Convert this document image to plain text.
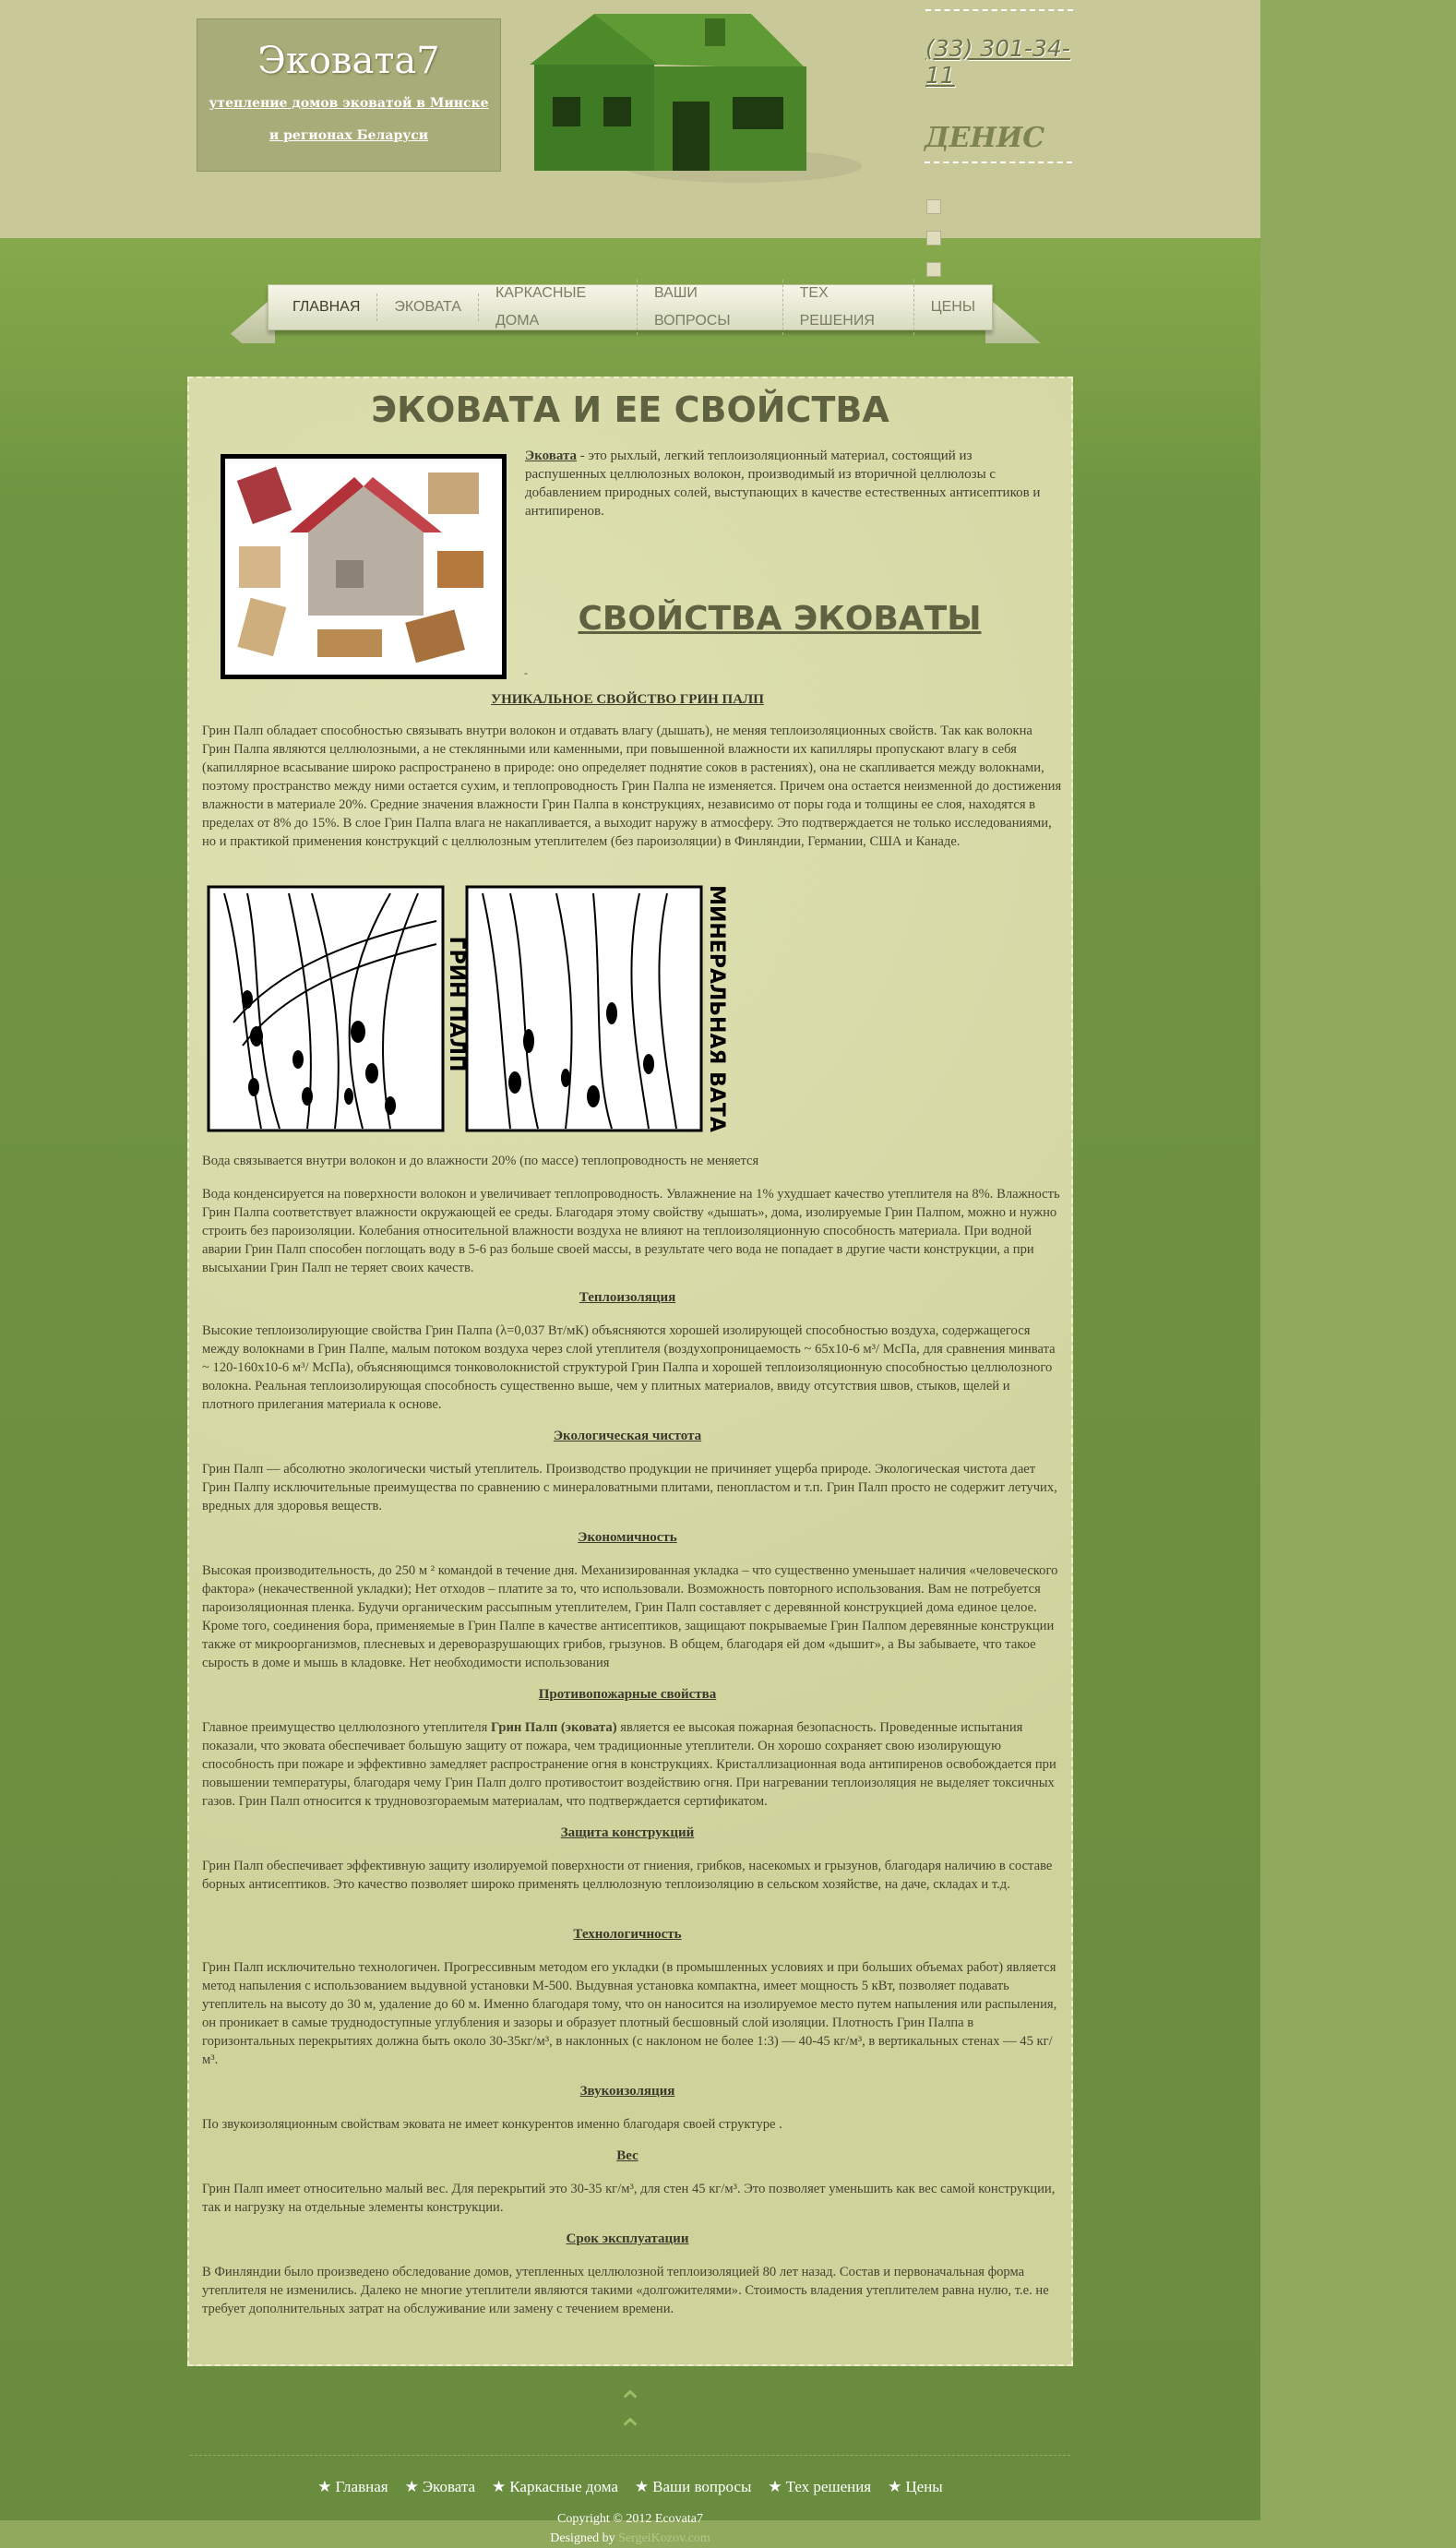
Эковата7
утепление домов эковатой в Минске и регионах Беларуси
(33) 301-34-11
ДЕНИС
ГЛАВНАЯ	ЭКОВАТА
КАРКАСНЫЕ ДОМА
ВАШИ ВОПРОСЫ
ТЕХ РЕШЕНИЯ
ЦЕНЫ
ЭКОВАТА И ЕЕ СВОЙСТВА
Эковата - это рыхлый, легкий теплоизоляционный материал, состоящий из распушенных целлюлозных волокон, производимый из вторичной целлюлозы с добавлением природных солей, выступающих в качестве естественных антисептиков и антипиренов.
СВОЙСТВА ЭКОВАТЫ
-
УНИКАЛЬНОЕ СВОЙСТВО ГРИН ПАЛП

Грин Палп обладает способностью связывать внутри волокон и отдавать влагу (дышать), не меняя теплоизоляционных свойств. Так как волокна Грин Палпа являются целлюлозными, а не стеклянными или каменными, при повышенной влажности их капилляры пропускают влагу в себя (капиллярное всасывание широко распространено в природе: оно определяет поднятие соков в растениях), она не скапливается между волокнами, поэтому пространство между ними остается сухим, и теплопроводность Грин Палпа не изменяется. Причем она остается неизменной до достижения влажности в материале 20%. Средние значения влажности Грин Палпа в конструкциях, независимо от поры года и толщины ее слоя, находятся в пределах от 8% до 15%. В слое Грин Палпа влага не накапливается, а выходит наружу в атмосферу. Это подтверждается не только исследованиями, но и практикой применения конструкций с целлюлозным утеплителем (без пароизоляции) в Финляндии, Германии, США и Канаде.

ГРИН ПАЛП	МИНЕРАЛЬНАЯ ВАТА

Вода связывается внутри волокон и до влажности 20% (по массе) теплопроводность не меняется

Вода конденсируется на поверхности волокон и увеличивает теплопроводность. Увлажнение на 1% ухудшает качество утеплителя на 8%. Влажность Грин Палпа соответствует влажности окружающей ее среды. Благодаря этому свойству «дышать», дома, изолируемые Грин Палпом, можно и нужно строить без пароизоляции. Колебания относительной влажности воздуха не влияют на теплоизоляционную способность материала. При водной аварии Грин Палп способен поглощать воду в 5-6 раз больше своей массы, в результате чего вода не попадает в другие части конструкции, а при высыхании Грин Палп не теряет своих качеств.

Теплоизоляция

Высокие теплоизолирующие свойства Грин Палпа (λ=0,037 Вт/мК) объясняются хорошей изолирующей способностью воздуха, содержащегося между волокнами в Грин Палпе, малым потоком воздуха через слой утеплителя (воздухопроницаемость ~ 65х10-6 м³/ МсПа, для сравнения минвата ~ 120-160х10-6 м³/ МсПа), объясняющимся тонковолокнистой структурой Грин Палпа и хорошей теплоизоляционную способностью целлюлозного волокна. Реальная теплоизолирующая способность существенно выше, чем у плитных материалов, ввиду отсутствия швов, стыков, щелей и плотного прилегания материала к основе.

Экологическая чистота

Грин Палп — абсолютно экологически чистый утеплитель. Производство продукции не причиняет ущерба природе. Экологическая чистота дает Грин Палпу исключительные преимущества по сравнению с минераловатными плитами, пенопластом и т.п. Грин Палп просто не содержит летучих, вредных для здоровья веществ.

Экономичность

Высокая производительность, до 250 м ² командой в течение дня. Механизированная укладка – что существенно уменьшает наличия «человеческого фактора» (некачественной укладки); Нет отходов – платите за то, что использовали. Возможность повторного использования. Вам не потребуется пароизоляционная пленка. Будучи органическим рассыпным утеплителем, Грин Палп составляет с деревянной конструкцией дома единое целое. Кроме того, соединения бора, применяемые в Грин Палпе в качестве антисептиков, защищают покрываемые Грин Палпом деревянные конструкции также от микроорганизмов, плесневых и дереворазрушающих грибов, грызунов. В общем, благодаря ей дом «дышит», а Вы забываете, что такое сырость в доме и мышь в кладовке. Нет необходимости использования

Противопожарные свойства

Главное преимущество целлюлозного утеплителя Грин Палп (эковата) является ее высокая пожарная безопасность. Проведенные испытания показали, что эковата обеспечивает большую защиту от пожара, чем традиционные утеплители. Он хорошо сохраняет свою изолирующую способность при пожаре и эффективно замедляет распространение огня в конструкциях. Кристаллизационная вода антипиренов освобождается при повышении температуры, благодаря чему Грин Палп долго противостоит воздействию огня. При нагревании теплоизоляция не выделяет токсичных газов. Грин Палп относится к трудновозгораемым материалам, что подтверждается сертификатом.

Защита конструкций

Грин Палп обеспечивает эффективную защиту изолируемой поверхности от гниения, грибков, насекомых и грызунов, благодаря наличию в составе борных антисептиков. Это качество позволяет широко применять целлюлозную теплоизоляцию в сельском хозяйстве, на даче, складах и т.д.

Технологичность

Грин Палп исключительно технологичен. Прогрессивным методом его укладки (в промышленных условиях и при больших объемах работ) является метод напыления с использованием выдувной установки М-500. Выдувная установка компактна, имеет мощность 5 кВт, позволяет подавать утеплитель на высоту до 30 м, удаление до 60 м. Именно благодаря тому, что он наносится на изолируемое место путем напыления или распыления, он проникает в самые труднодоступные углубления и зазоры и образует плотный бесшовный слой изоляции. Плотность Грин Палпа в горизонтальных перекрытиях должна быть около 30-35кг/м³, в наклонных (с наклоном не более 1:3) — 40-45 кг/м³, в вертикальных стенах — 45 кг/м³.

Звукоизоляция

По звукоизоляционным свойствам эковата не имеет конкурентов именно благодаря своей структуре .

Вес

Грин Палп имеет относительно малый вес. Для перекрытий это 30-35 кг/м³, для стен 45 кг/м³. Это позволяет уменьшить как вес самой конструкции, так и нагрузку на отдельные элементы конструкции.

Срок эксплуатации

В Финляндии было произведено обследование домов, утепленных целлюлозной теплоизоляцией 80 лет назад. Состав и первоначальная форма утеплителя не изменились. Далеко не многие утеплители являются такими «долгожителями». Стоимость владения утеплителем равна нулю, т.е. не требует дополнительных затрат на обслуживание или замену с течением времени.

⌃
⌃
★ Главная ★ Эковата ★ Каркасные дома ★ Ваши вопросы ★ Тех решения ★ Цены
Copyright © 2012 Ecovata7
Designed by SergeiKozov.com
